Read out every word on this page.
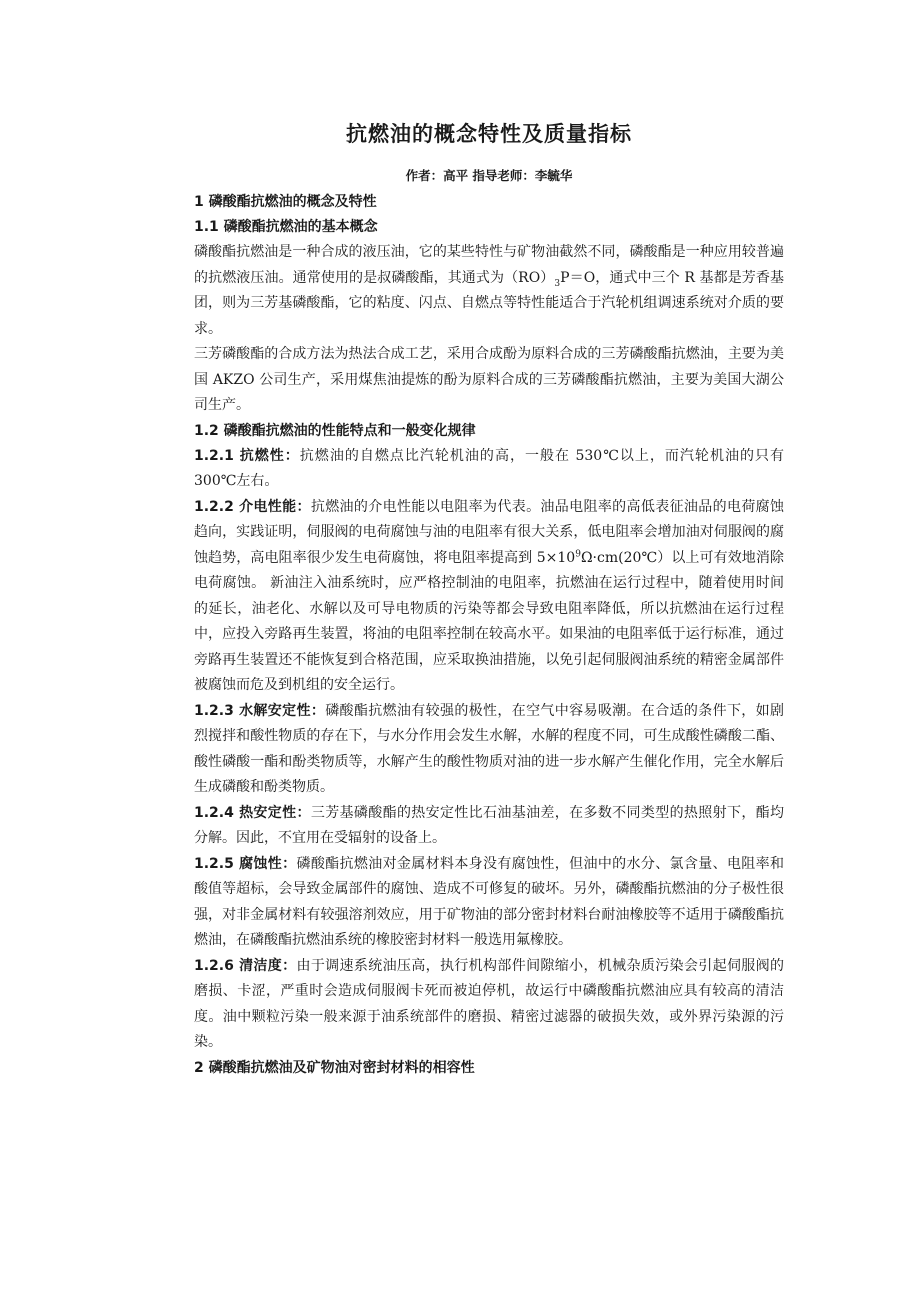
抗燃油的概念特性及质量指标

作者：高平 指导老师：李毓华

1 磷酸酯抗燃油的概念及特性

1.1 磷酸酯抗燃油的基本概念

磷酸酯抗燃油是一种合成的液压油，它的某些特性与矿物油截然不同，磷酸酯是一种应用较普遍的抗燃液压油。通常使用的是叔磷酸酯，其通式为$(RO)_3P=O$，通式中三个 R 基都是芳香基团，则为三芳基磷酸酯，它的粘度、闪点、自燃点等特性能适合于汽轮机组调速系统对介质的要求。

三芳磷酸酯的合成方法为热法合成工艺，采用合成酚为原料合成的三芳磷酸酯抗燃油，主要为美国 AKZO 公司生产，采用煤焦油提炼的酚为原料合成的三芳磷酸酯抗燃油，主要为美国大湖公司生产。

1.2 磷酸酯抗燃油的性能特点和一般变化规律

1.2.1 抗燃性：抗燃油的自燃点比汽轮机油的高，一般在 530℃以上，而汽轮机油的只有 300℃左右。

1.2.2 介电性能：抗燃油的介电性能以电阻率为代表。油品电阻率的高低表征油品的电荷腐蚀趋向，实践证明，伺服阀的电荷腐蚀与油的电阻率有很大关系，低电阻率会增加油对伺服阀的腐蚀趋势，高电阻率很少发生电荷腐蚀，将电阻率提高到 $5\times 10^9\Omega\cdot cm(20℃)$以上可有效地消除电荷腐蚀。 新油注入油系统时，应严格控制油的电阻率，抗燃油在运行过程中，随着使用时间的延长，油老化、水解以及可导电物质的污染等都会导致电阻率降低，所以抗燃油在运行过程中，应投入旁路再生装置，将油的电阻率控制在较高水平。如果油的电阻率低于运行标准，通过旁路再生装置还不能恢复到合格范围，应采取换油措施，以免引起伺服阀油系统的精密金属部件被腐蚀而危及到机组的安全运行。

1.2.3 水解安定性：磷酸酯抗燃油有较强的极性，在空气中容易吸潮。在合适的条件下，如剧烈搅拌和酸性物质的存在下，与水分作用会发生水解，水解的程度不同，可生成酸性磷酸二酯、酸性磷酸一酯和酚类物质等，水解产生的酸性物质对油的进一步水解产生催化作用，完全水解后生成磷酸和酚类物质。

1.2.4 热安定性：三芳基磷酸酯的热安定性比石油基油差，在多数不同类型的热照射下，酯均分解。因此，不宜用在受辐射的设备上。

1.2.5 腐蚀性：磷酸酯抗燃油对金属材料本身没有腐蚀性，但油中的水分、氯含量、电阻率和酸值等超标，会导致金属部件的腐蚀、造成不可修复的破坏。另外，磷酸酯抗燃油的分子极性很强，对非金属材料有较强溶剂效应，用于矿物油的部分密封材料台耐油橡胶等不适用于磷酸酯抗燃油，在磷酸酯抗燃油系统的橡胶密封材料一般选用氟橡胶。

1.2.6 清洁度：由于调速系统油压高，执行机构部件间隙缩小，机械杂质污染会引起伺服阀的磨损、卡涩，严重时会造成伺服阀卡死而被迫停机，故运行中磷酸酯抗燃油应具有较高的清洁度。油中颗粒污染一般来源于油系统部件的磨损、精密过滤器的破损失效，或外界污染源的污染。

2 磷酸酯抗燃油及矿物油对密封材料的相容性
